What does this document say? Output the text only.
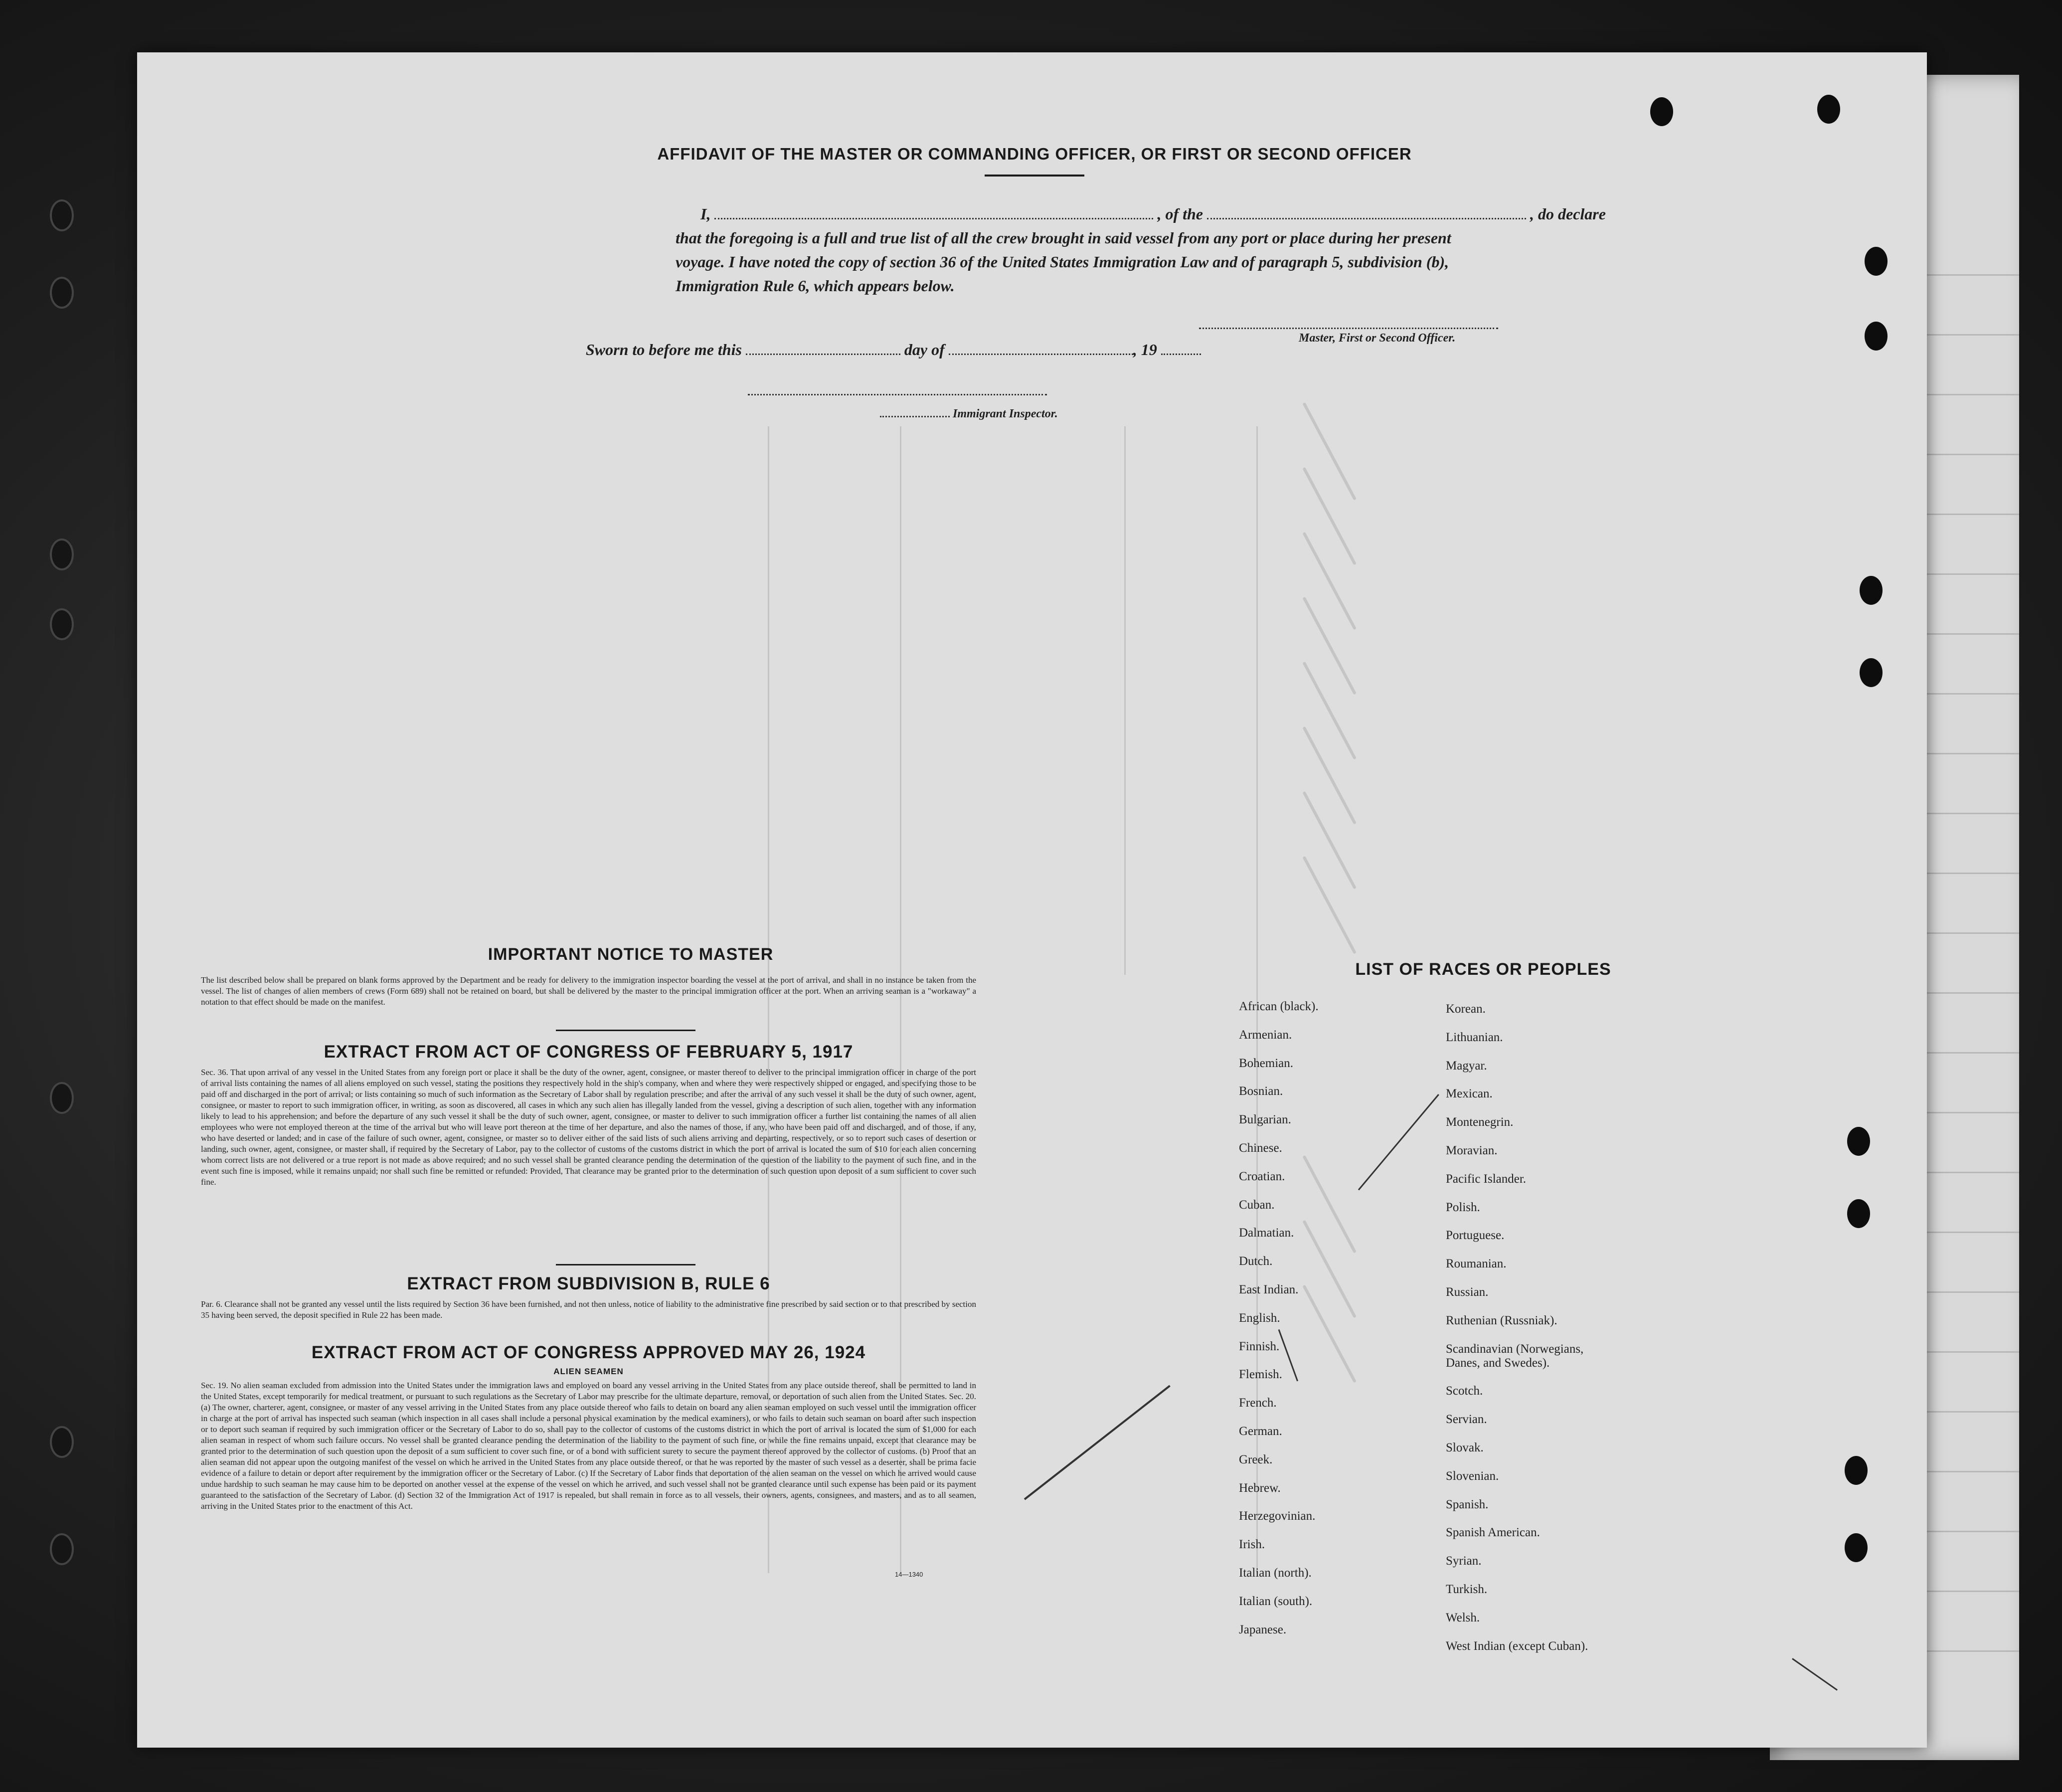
AFFIDAVIT OF THE MASTER OR COMMANDING OFFICER, OR FIRST OR SECOND OFFICER
I,	, of the	, do declare
that the foregoing is a full and true list of all the crew brought in said vessel from any port or place during her present
voyage. I have noted the copy of section 36 of the United States Immigration Law and of paragraph 5, subdivision (b),
Immigration Rule 6, which appears below.
Master, First or Second Officer.
Sworn to before me this	day of	, 19
Immigrant Inspector.
IMPORTANT NOTICE TO MASTER
The list described below shall be prepared on blank forms approved by the Department and be ready for delivery to the immigration inspector boarding the vessel at the port of arrival, and shall in no instance be taken from the vessel. The list of changes of alien members of crews (Form 689) shall not be retained on board, but shall be delivered by the master to the principal immigration officer at the port. When an arriving seaman is a "workaway" a notation to that effect should be made on the manifest.
EXTRACT FROM ACT OF CONGRESS OF FEBRUARY 5, 1917
Sec. 36. That upon arrival of any vessel in the United States from any foreign port or place it shall be the duty of the owner, agent, consignee, or master thereof to deliver to the principal immigration officer in charge of the port of arrival lists containing the names of all aliens employed on such vessel, stating the positions they respectively hold in the ship's company, when and where they were respectively shipped or engaged, and specifying those to be paid off and discharged in the port of arrival; or lists containing so much of such information as the Secretary of Labor shall by regulation prescribe; and after the arrival of any such vessel it shall be the duty of such owner, agent, consignee, or master to report to such immigration officer, in writing, as soon as discovered, all cases in which any such alien has illegally landed from the vessel, giving a description of such alien, together with any information likely to lead to his apprehension; and before the departure of any such vessel it shall be the duty of such owner, agent, consignee, or master to deliver to such immigration officer a further list containing the names of all alien employees who were not employed thereon at the time of the arrival but who will leave port thereon at the time of her departure, and also the names of those, if any, who have been paid off and discharged, and of those, if any, who have deserted or landed; and in case of the failure of such owner, agent, consignee, or master so to deliver either of the said lists of such aliens arriving and departing, respectively, or so to report such cases of desertion or landing, such owner, agent, consignee, or master shall, if required by the Secretary of Labor, pay to the collector of customs of the customs district in which the port of arrival is located the sum of $10 for each alien concerning whom correct lists are not delivered or a true report is not made as above required; and no such vessel shall be granted clearance pending the determination of the question of the liability to the payment of such fine, and in the event such fine is imposed, while it remains unpaid; nor shall such fine be remitted or refunded: Provided, That clearance may be granted prior to the determination of such question upon deposit of a sum sufficient to cover such fine.
EXTRACT FROM SUBDIVISION B, RULE 6
Par. 6. Clearance shall not be granted any vessel until the lists required by Section 36 have been furnished, and not then unless, notice of liability to the administrative fine prescribed by said section or to that prescribed by section 35 having been served, the deposit specified in Rule 22 has been made.
EXTRACT FROM ACT OF CONGRESS APPROVED MAY 26, 1924
ALIEN SEAMEN
Sec. 19. No alien seaman excluded from admission into the United States under the immigration laws and employed on board any vessel arriving in the United States from any place outside thereof, shall be permitted to land in the United States, except temporarily for medical treatment, or pursuant to such regulations as the Secretary of Labor may prescribe for the ultimate departure, removal, or deportation of such alien from the United States. Sec. 20. (a) The owner, charterer, agent, consignee, or master of any vessel arriving in the United States from any place outside thereof who fails to detain on board any alien seaman employed on such vessel until the immigration officer in charge at the port of arrival has inspected such seaman (which inspection in all cases shall include a personal physical examination by the medical examiners), or who fails to detain such seaman on board after such inspection or to deport such seaman if required by such immigration officer or the Secretary of Labor to do so, shall pay to the collector of customs of the customs district in which the port of arrival is located the sum of $1,000 for each alien seaman in respect of whom such failure occurs. No vessel shall be granted clearance pending the determination of the liability to the payment of such fine, or while the fine remains unpaid, except that clearance may be granted prior to the determination of such question upon the deposit of a sum sufficient to cover such fine, or of a bond with sufficient surety to secure the payment thereof approved by the collector of customs. (b) Proof that an alien seaman did not appear upon the outgoing manifest of the vessel on which he arrived in the United States from any place outside thereof, or that he was reported by the master of such vessel as a deserter, shall be prima facie evidence of a failure to detain or deport after requirement by the immigration officer or the Secretary of Labor. (c) If the Secretary of Labor finds that deportation of the alien seaman on the vessel on which he arrived would cause undue hardship to such seaman he may cause him to be deported on another vessel at the expense of the vessel on which he arrived, and such vessel shall not be granted clearance until such expense has been paid or its payment guaranteed to the satisfaction of the Secretary of Labor. (d) Section 32 of the Immigration Act of 1917 is repealed, but shall remain in force as to all vessels, their owners, agents, consignees, and masters, and as to all seamen, arriving in the United States prior to the enactment of this Act.
14—1340
LIST OF RACES OR PEOPLES
African (black).
Armenian.
Bohemian.
Bosnian.
Bulgarian.
Chinese.
Croatian.
Cuban.
Dalmatian.
Dutch.
East Indian.
English.
Finnish.
Flemish.
French.
German.
Greek.
Hebrew.
Herzegovinian.
Irish.
Italian (north).
Italian (south).
Japanese.
Korean.
Lithuanian.
Magyar.
Mexican.
Montenegrin.
Moravian.
Pacific Islander.
Polish.
Portuguese.
Roumanian.
Russian.
Ruthenian (Russniak).
Scandinavian (Norwegians,
Danes, and Swedes).
Scotch.
Servian.
Slovak.
Slovenian.
Spanish.
Spanish American.
Syrian.
Turkish.
Welsh.
West Indian (except Cuban).
